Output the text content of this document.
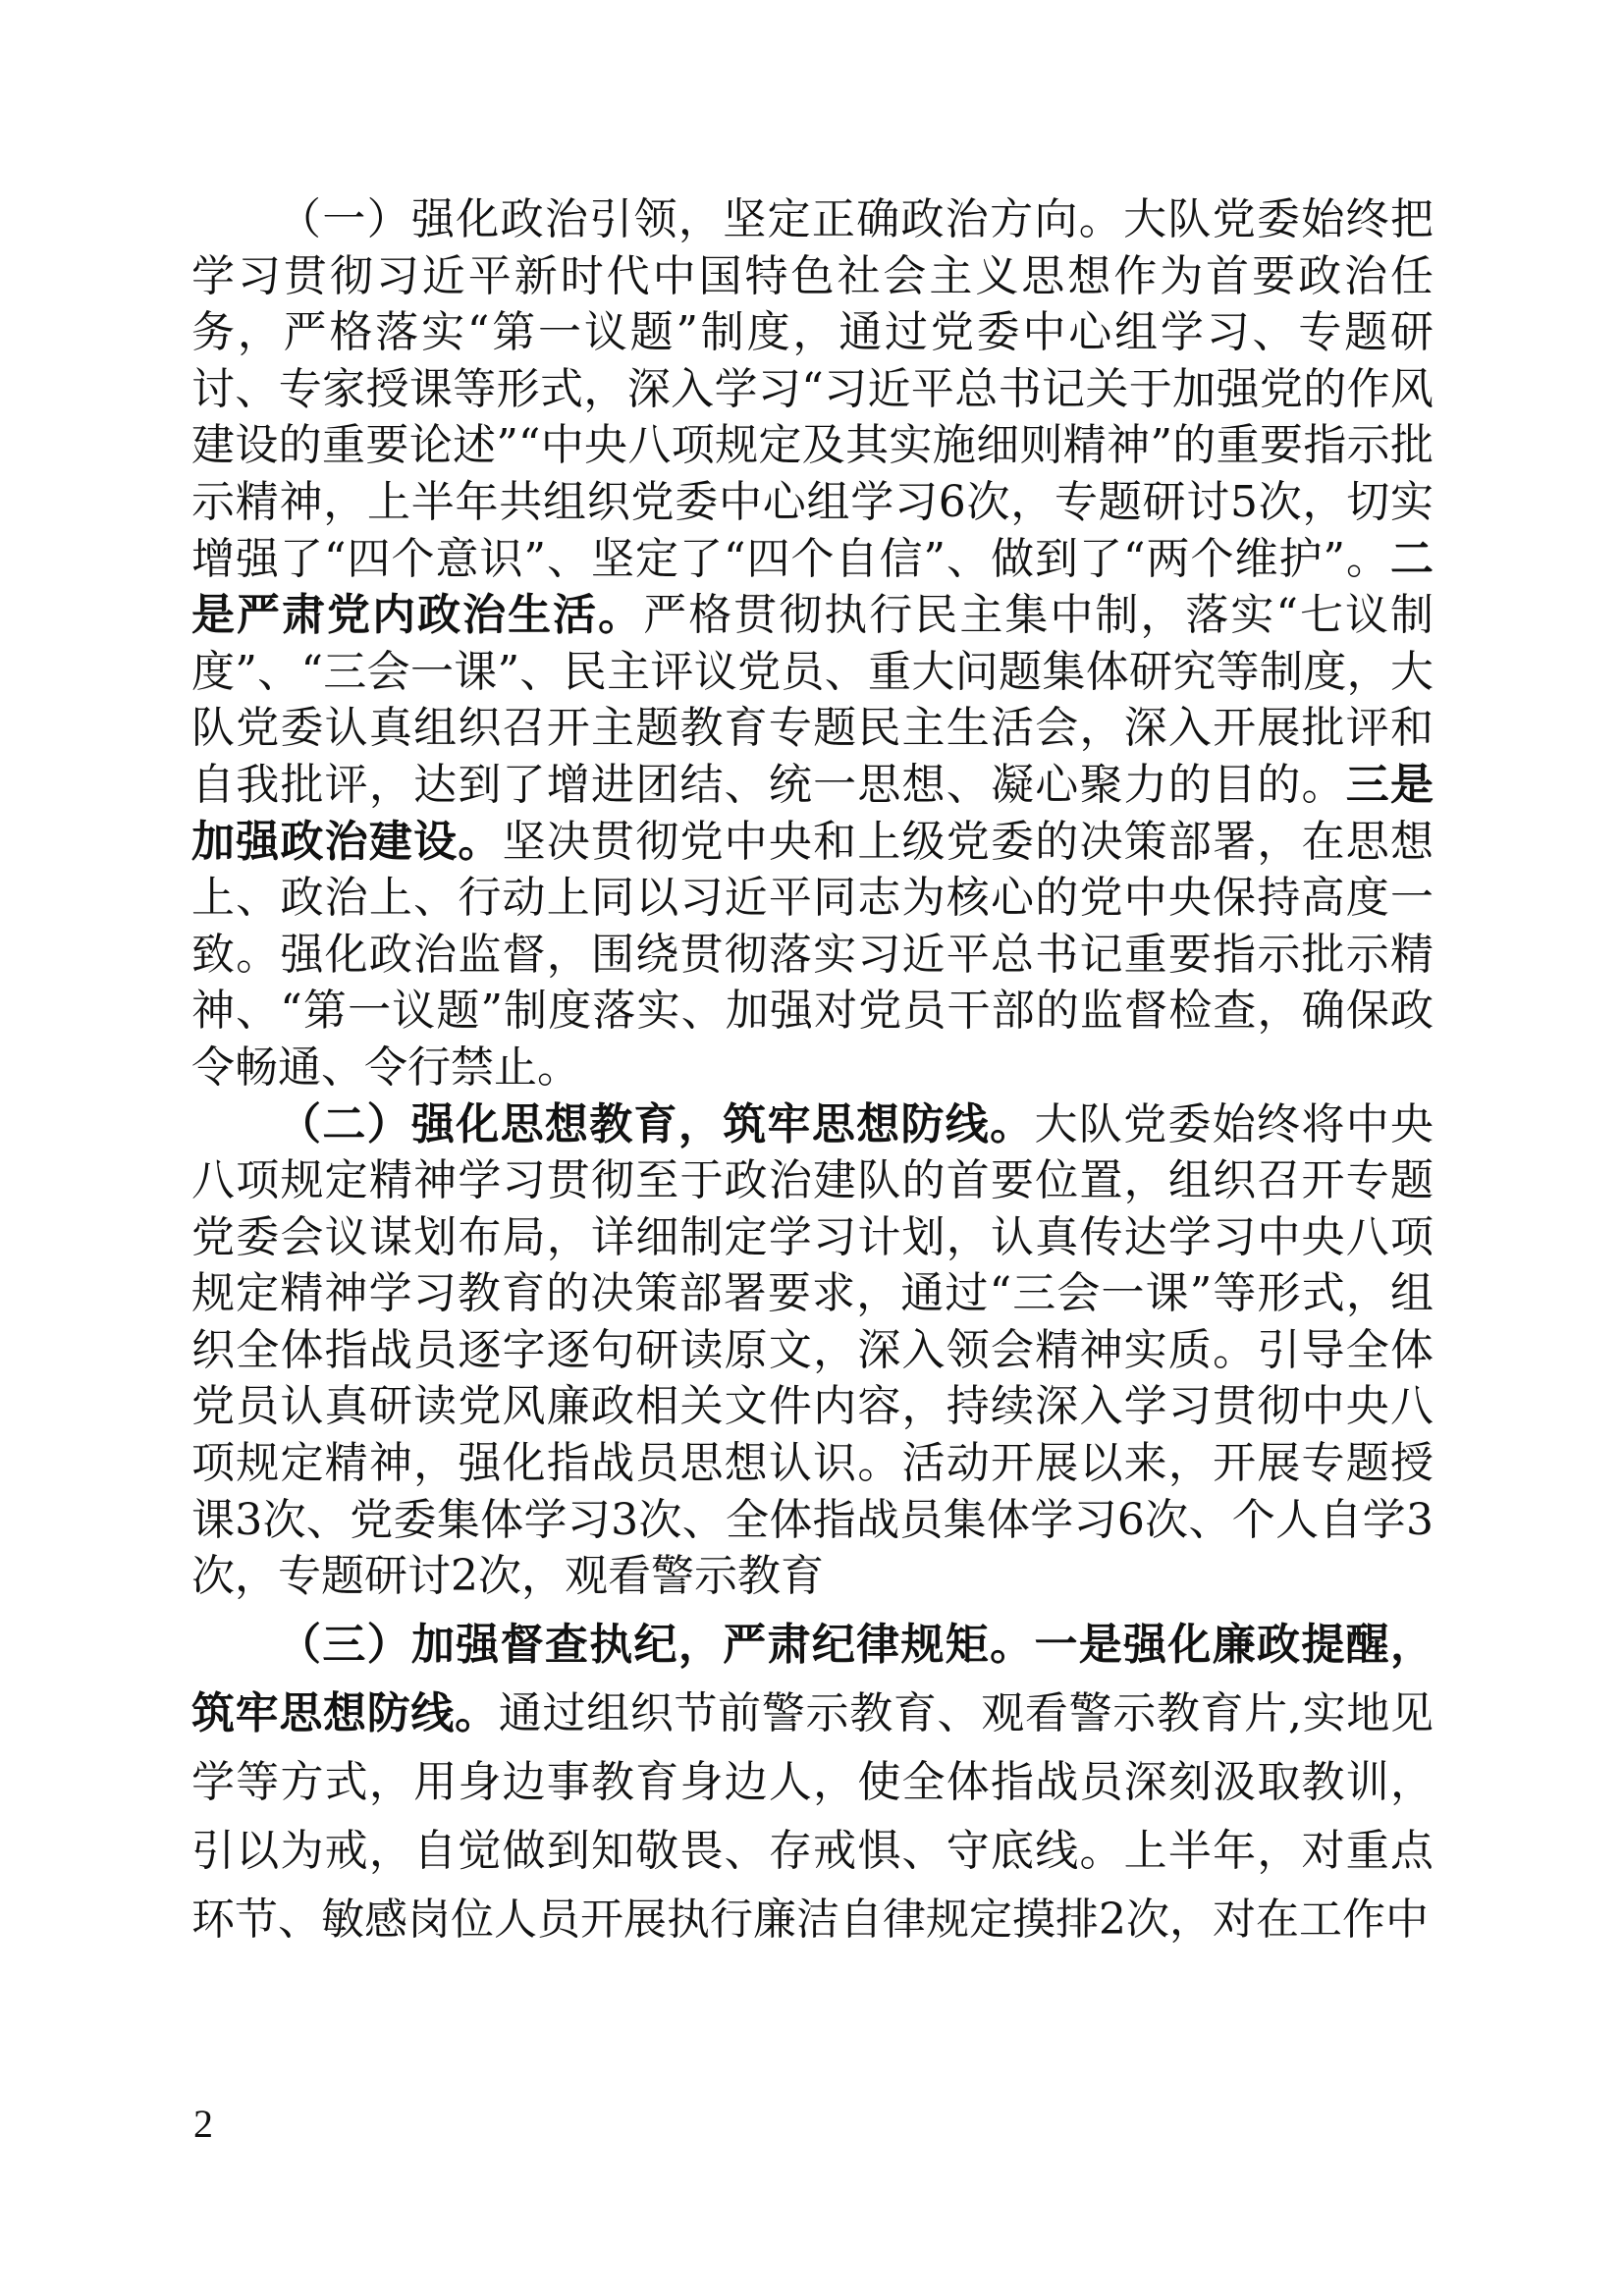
（一）强化政治引领，坚定正确政治方向。大队党委始终把学习贯彻习近平新时代中国特色社会主义思想作为首要政治任务，严格落实“第一议题”制度，通过党委中心组学习、专题研讨、专家授课等形式，深入学习“习近平总书记关于加强党的作风建设的重要论述”“中央八项规定及其实施细则精神”的重要指示批示精神，上半年共组织党委中心组学习6次，专题研讨5次，切实增强了“四个意识”、坚定了“四个自信”、做到了“两个维护”。二是严肃党内政治生活。严格贯彻执行民主集中制，落实“七议制度”、“三会一课”、民主评议党员、重大问题集体研究等制度，大队党委认真组织召开主题教育专题民主生活会，深入开展批评和自我批评，达到了增进团结、统一思想、凝心聚力的目的。三是加强政治建设。坚决贯彻党中央和上级党委的决策部署，在思想上、政治上、行动上同以习近平同志为核心的党中央保持高度一致。强化政治监督，围绕贯彻落实习近平总书记重要指示批示精神、“第一议题”制度落实、加强对党员干部的监督检查，确保政令畅通、令行禁止。

（二）强化思想教育，筑牢思想防线。大队党委始终将中央八项规定精神学习贯彻至于政治建队的首要位置，组织召开专题党委会议谋划布局，详细制定学习计划，认真传达学习中央八项规定精神学习教育的决策部署要求，通过“三会一课”等形式，组织全体指战员逐字逐句研读原文，深入领会精神实质。引导全体党员认真研读党风廉政相关文件内容，持续深入学习贯彻中央八项规定精神，强化指战员思想认识。活动开展以来，开展专题授课3次、党委集体学习3次、全体指战员集体学习6次、个人自学3次，专题研讨2次，观看警示教育

（三）加强督查执纪，严肃纪律规矩。一是强化廉政提醒，筑牢思想防线。通过组织节前警示教育、观看警示教育片,实地见学等方式，用身边事教育身边人，使全体指战员深刻汲取教训，引以为戒，自觉做到知敬畏、存戒惧、守底线。上半年，对重点环节、敏感岗位人员开展执行廉洁自律规定摸排2次，对在工作中

2
